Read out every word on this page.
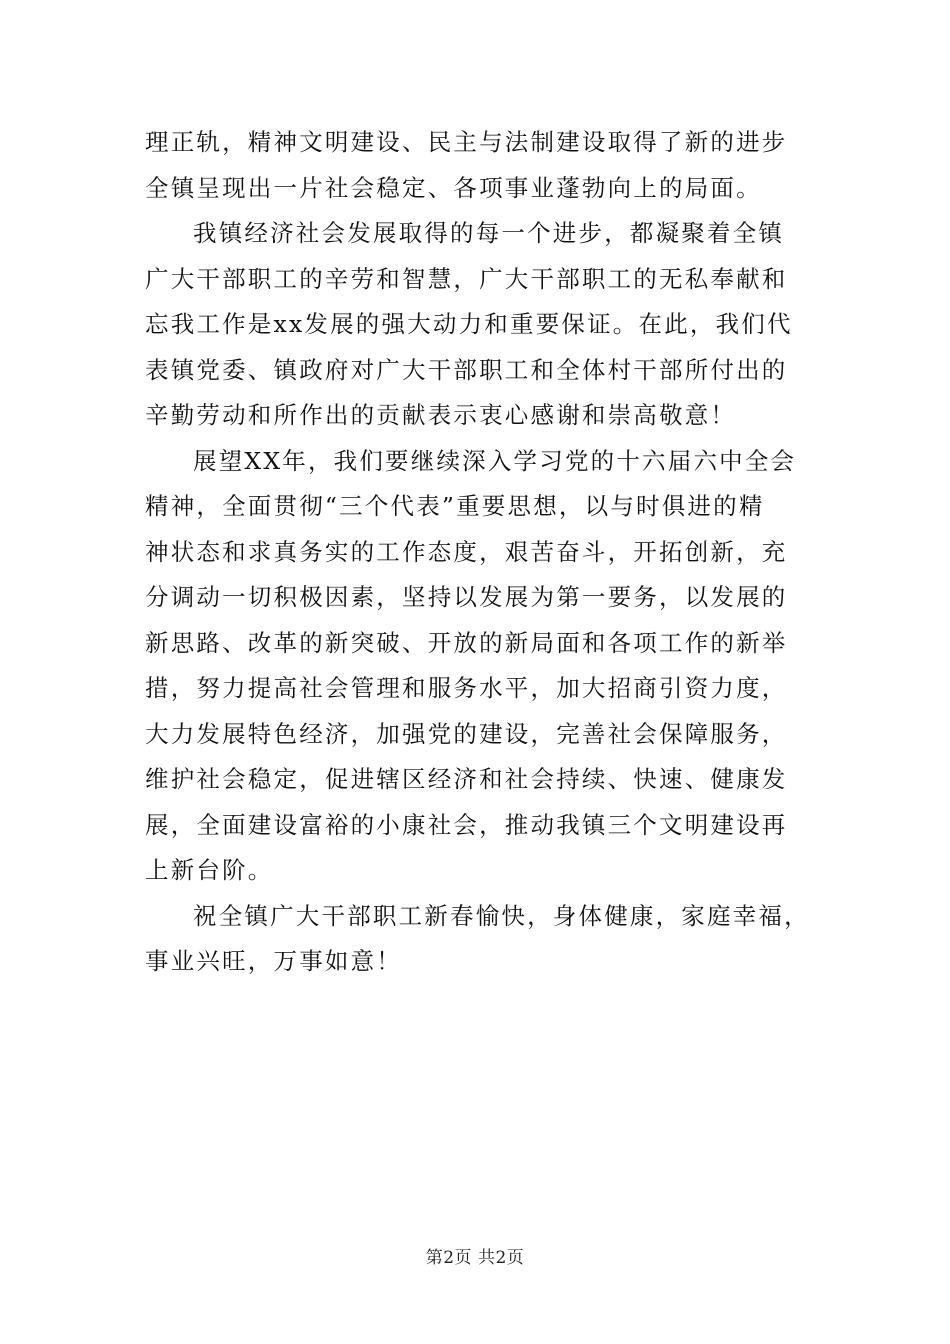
理正轨，精神文明建设、民主与法制建设取得了新的进步
全镇呈现出一片社会稳定、各项事业蓬勃向上的局面。
我镇经济社会发展取得的每一个进步，都凝聚着全镇
广大干部职工的辛劳和智慧，广大干部职工的无私奉献和
忘我工作是xx发展的强大动力和重要保证。在此，我们代
表镇党委、镇政府对广大干部职工和全体村干部所付出的
辛勤劳动和所作出的贡献表示衷心感谢和崇高敬意！
展望XX年，我们要继续深入学习党的十六届六中全会
精神，全面贯彻“三个代表”重要思想，以与时俱进的精
神状态和求真务实的工作态度，艰苦奋斗，开拓创新，充
分调动一切积极因素，坚持以发展为第一要务，以发展的
新思路、改革的新突破、开放的新局面和各项工作的新举
措，努力提高社会管理和服务水平，加大招商引资力度，
大力发展特色经济，加强党的建设，完善社会保障服务，
维护社会稳定，促进辖区经济和社会持续、快速、健康发
展，全面建设富裕的小康社会，推动我镇三个文明建设再
上新台阶。
祝全镇广大干部职工新春愉快，身体健康，家庭幸福，
事业兴旺，万事如意！
第2页 共2页
